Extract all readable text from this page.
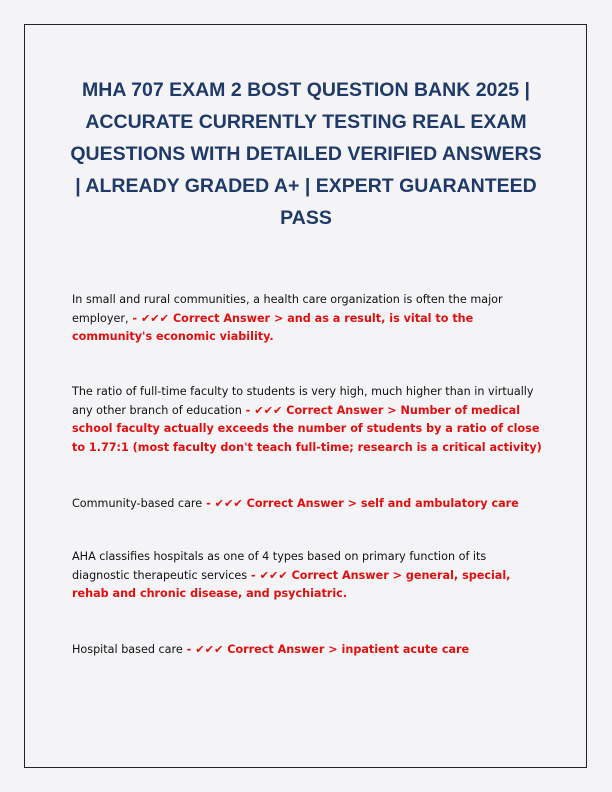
MHA 707 EXAM 2 BOST QUESTION BANK 2025 | ACCURATE CURRENTLY TESTING REAL EXAM QUESTIONS WITH DETAILED VERIFIED ANSWERS | ALREADY GRADED A+ | EXPERT GUARANTEED PASS

In small and rural communities, a health care organization is often the major employer, - ✔✔✔ Correct Answer > and as a result, is vital to the community's economic viability.

The ratio of full-time faculty to students is very high, much higher than in virtually any other branch of education - ✔✔✔ Correct Answer > Number of medical school faculty actually exceeds the number of students by a ratio of close to 1.77:1 (most faculty don't teach full-time; research is a critical activity)

Community-based care - ✔✔✔ Correct Answer > self and ambulatory care

AHA classifies hospitals as one of 4 types based on primary function of its diagnostic therapeutic services - ✔✔✔ Correct Answer > general, special, rehab and chronic disease, and psychiatric.

Hospital based care - ✔✔✔ Correct Answer > inpatient acute care
